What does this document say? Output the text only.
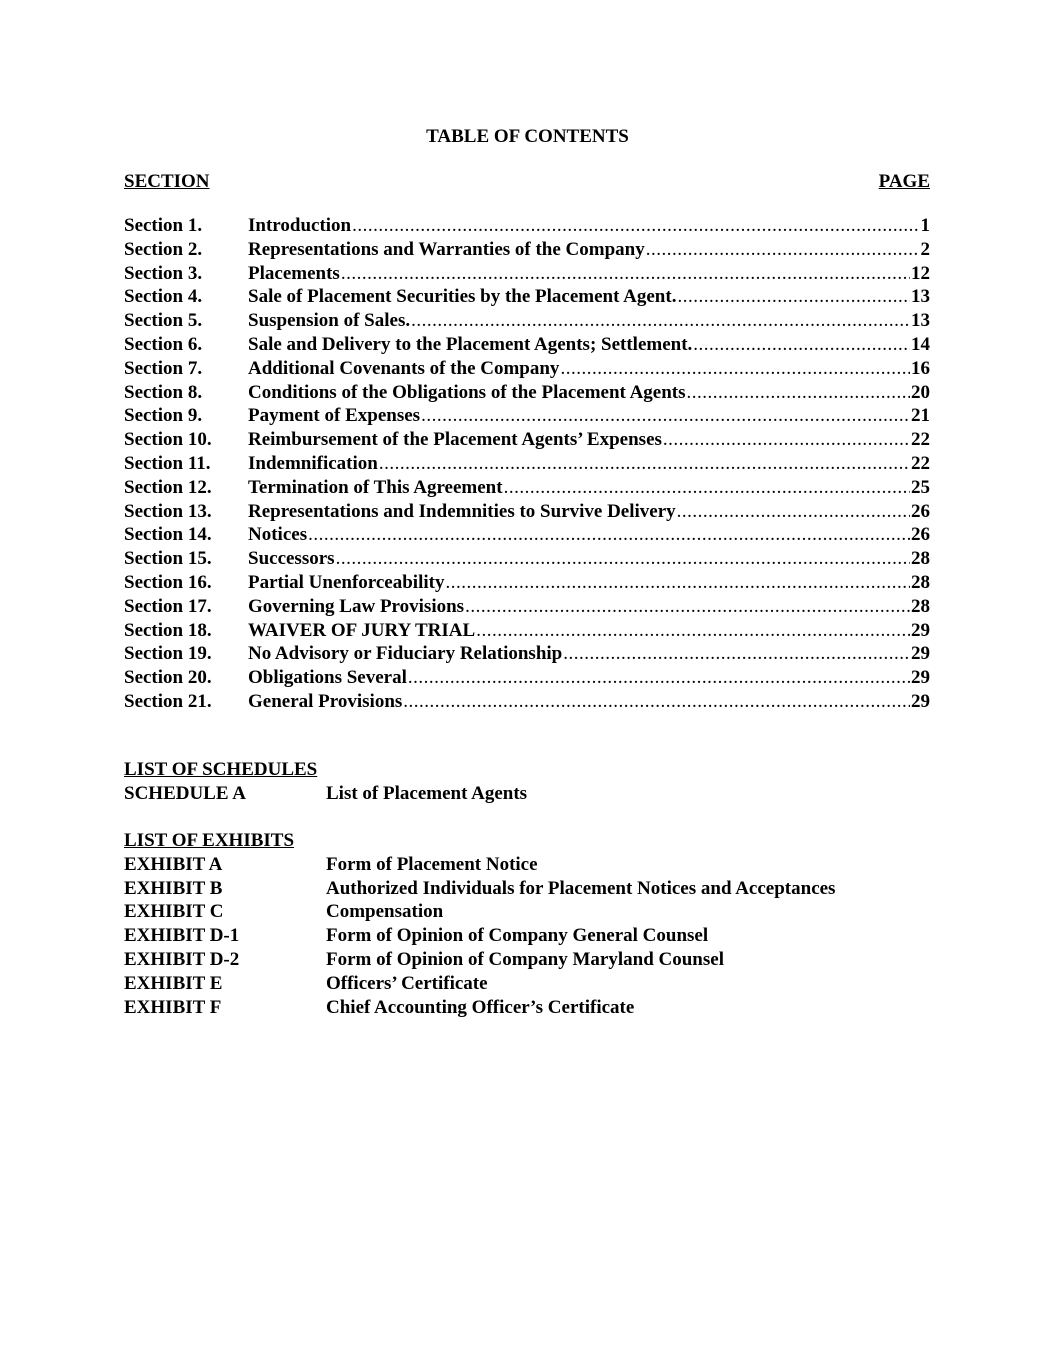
TABLE OF CONTENTS
SECTION	PAGE
Section 1.	Introduction .....	1
Section 2.	Representations and Warranties of the Company .....	2
Section 3.	Placements .....	12
Section 4.	Sale of Placement Securities by the Placement Agent. .....	13
Section 5.	Suspension of Sales. .....	13
Section 6.	Sale and Delivery to the Placement Agents; Settlement. .....	14
Section 7.	Additional Covenants of the Company .....	16
Section 8.	Conditions of the Obligations of the Placement Agents .....	20
Section 9.	Payment of Expenses .....	21
Section 10.	Reimbursement of the Placement Agents’ Expenses .....	22
Section 11.	Indemnification .....	22
Section 12.	Termination of This Agreement .....	25
Section 13.	Representations and Indemnities to Survive Delivery .....	26
Section 14.	Notices .....	26
Section 15.	Successors .....	28
Section 16.	Partial Unenforceability .....	28
Section 17.	Governing Law Provisions .....	28
Section 18.	WAIVER OF JURY TRIAL .....	29
Section 19.	No Advisory or Fiduciary Relationship .....	29
Section 20.	Obligations Several .....	29
Section 21.	General Provisions .....	29
LIST OF SCHEDULES
SCHEDULE A	List of Placement Agents
LIST OF EXHIBITS
EXHIBIT A	Form of Placement Notice
EXHIBIT B	Authorized Individuals for Placement Notices and Acceptances
EXHIBIT C	Compensation
EXHIBIT D-1	Form of Opinion of Company General Counsel
EXHIBIT D-2	Form of Opinion of Company Maryland Counsel
EXHIBIT E	Officers’ Certificate
EXHIBIT F	Chief Accounting Officer’s Certificate
